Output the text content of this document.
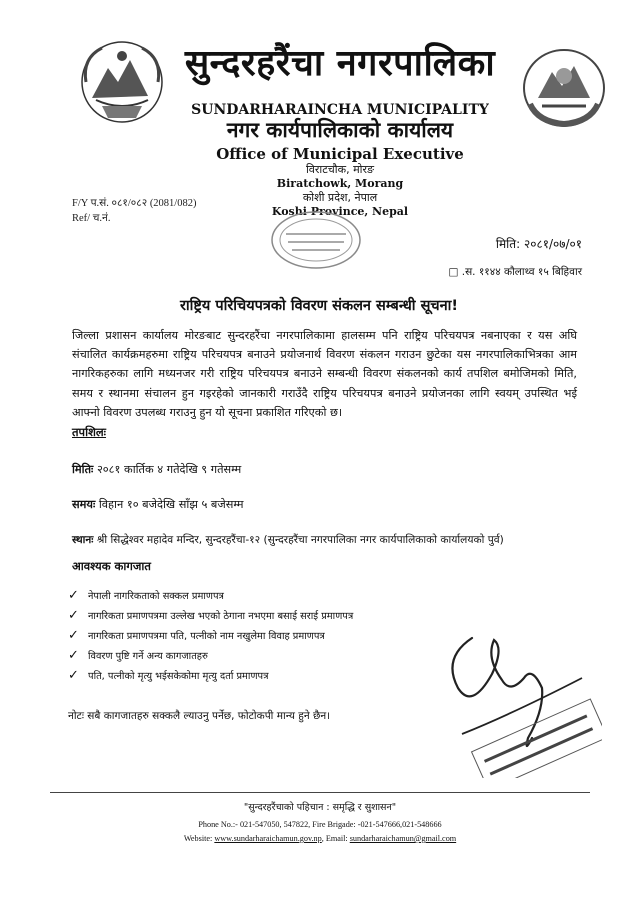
सुन्दरहरैंचा नगरपालिका
SUNDARHARAINCHA MUNICIPALITY
नगर कार्यपालिकाको कार्यालय
Office of Municipal Executive
विराटचौक, मोरङ
Biratchowk, Morang
कोशी प्रदेश, नेपाल
Koshi Province, Nepal
F/Y प.सं. ०८१/०८२ (2081/082)
Ref/ च.नं.
मिति: २०८१/०७/०१
□ .स. ११४४ कौलाथ्व १५ बिहिवार
राष्ट्रिय परिचियपत्रको विवरण संकलन सम्बन्धी सूचना!
जिल्ला प्रशासन कार्यालय मोरङबाट सुन्दरहरैंचा नगरपालिकामा हालसम्म पनि राष्ट्रिय परिचयपत्र नबनाएका र यस अघि संचालित कार्यक्रमहरुमा राष्ट्रिय परिचयपत्र बनाउने प्रयोजनार्थ विवरण संकलन गराउन छुटेका यस नगरपालिकाभित्रका आम नागरिकहरुका लागि मध्यनजर गरी राष्ट्रिय परिचयपत्र बनाउने सम्बन्धी विवरण संकलनको कार्य तपशिल बमोजिमको मिति, समय र स्थानमा संचालन हुन गइरहेको जानकारी गराउँदै राष्ट्रिय परिचयपत्र बनाउने प्रयोजनका लागि स्वयम् उपस्थित भई आफ्नो विवरण उपलब्ध गराउनु हुन यो सूचना प्रकाशित गरिएको छ।
तपशिलः
मितिः २०८१ कार्तिक ४ गतेदेखि ९ गतेसम्म
समयः विहान १० बजेदेखि साँझ ५ बजेसम्म
स्थानः श्री सिद्धेश्वर महादेव मन्दिर, सुन्दरहरैंचा-१२ (सुन्दरहरैंचा नगरपालिका नगर कार्यपालिकाको कार्यालयको पुर्व)
आवश्यक कागजात
✓ नेपाली नागरिकताको सक्कल प्रमाणपत्र
✓ नागरिकता प्रमाणपत्रमा उल्लेख भएको ठेगाना नभएमा बसाई सराई प्रमाणपत्र
✓ नागरिकता प्रमाणपत्रमा पति, पत्नीको नाम नखुलेमा विवाह प्रमाणपत्र
✓ विवरण पुष्टि गर्ने अन्य कागजातहरु
✓ पति, पत्नीको मृत्यु भईसकेकोमा मृत्यु दर्ता प्रमाणपत्र
नोटः सबै कागजातहरु सक्कलै ल्याउनु पर्नेछ, फोटोकपी मान्य हुने छैन।
"सुन्दरहरैंचाको पहिचान : समृद्धि र सुशासन"
Phone No.:- 021-547050, 547822, Fire Brigade: -021-547666,021-548666
Website: www.sundarharaichamun.gov.np, Email: sundarharaichamun@gmail.com
